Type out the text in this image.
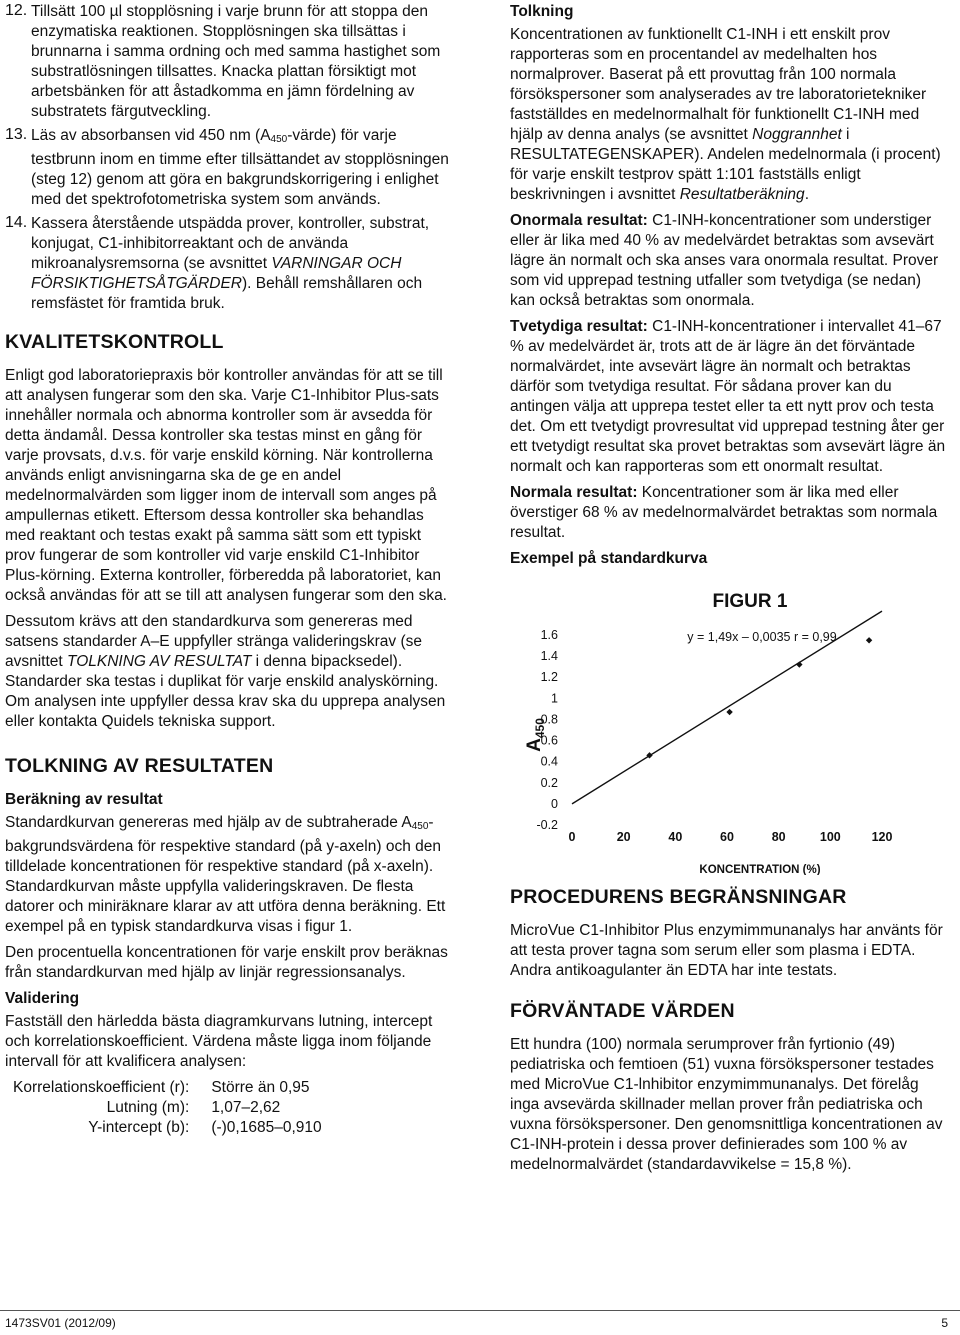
12. Tillsätt 100 µl stopplösning i varje brunn för att stoppa den enzymatiska reaktionen. Stopplösningen ska tillsättas i brunnarna i samma ordning och med samma hastighet som substratlösningen tillsattes. Knacka plattan försiktigt mot arbetsbänken för att åstadkomma en jämn fördelning av substratets färgutveckling.

13. Läs av absorbansen vid 450 nm $(A_{450}-värde)$ för varje testbrunn inom en timme efter tillsättandet av stopplösningen (steg 12) genom att göra en bakgrundskorrigering i enlighet med det spektrofotometriska system som används.

14. Kassera återstående utspädda prover, kontroller, substrat, konjugat, C1-inhibitorreaktant och de använda mikroanalysremsorna (se avsnittet VARNINGAR OCH FÖRSIKTIGHETSÅTGÄRDER). Behåll remshållaren och remsfästet för framtida bruk.

KVALITETSKONTROLL

Enligt god laboratoriepraxis bör kontroller användas för att se till att analysen fungerar som den ska. Varje C1-Inhibitor Plus-sats innehåller normala och abnorma kontroller som är avsedda för detta ändamål. Dessa kontroller ska testas minst en gång för varje provsats, d.v.s. för varje enskild körning. När kontrollerna används enligt anvisningarna ska de ge en andel medelnormalvärden som ligger inom de intervall som anges på ampullernas etikett. Eftersom dessa kontroller ska behandlas med reaktant och testas exakt på samma sätt som ett typiskt prov fungerar de som kontroller vid varje enskild C1-Inhibitor Plus-körning. Externa kontroller, förberedda på laboratoriet, kan också användas för att se till att analysen fungerar som den ska.

Dessutom krävs att den standardkurva som genereras med satsens standarder A–E uppfyller stränga valideringskrav (se avsnittet TOLKNING AV RESULTAT i denna bipacksedel). Standarder ska testas i duplikat för varje enskild analyskörning. Om analysen inte uppfyller dessa krav ska du upprepa analysen eller kontakta Quidels tekniska support.

TOLKNING AV RESULTATEN
Beräkning av resultat

Standardkurvan genereras med hjälp av de subtraherade $A_{450}$-bakgrundsvärdena för respektive standard (på y-axeln) och den tilldelade koncentrationen för respektive standard (på x-axeln). Standardkurvan måste uppfylla valideringskraven. De flesta datorer och miniräknare klarar av att utföra denna beräkning. Ett exempel på en typisk standardkurva visas i figur 1.

Den procentuella koncentrationen för varje enskilt prov beräknas från standardkurvan med hjälp av linjär regressionsanalys.

Validering

Fastställ den härledda bästa diagramkurvans lutning, intercept och korrelationskoefficient. Värdena måste ligga inom följande intervall för att kvalificera analysen:

Korrelationskoefficient (r):	Större än 0,95
Lutning (m):	1,07–2,62
Y-intercept (b):	(-)0,1685–0,910
Tolkning

Koncentrationen av funktionellt C1-INH i ett enskilt prov rapporteras som en procentandel av medelhalten hos normalprover. Baserat på ett provuttag från 100 normala försökspersoner som analyserades av tre laboratorietekniker fastställdes en medelnormalhalt för funktionellt C1-INH med hjälp av denna analys (se avsnittet Noggrannhet i RESULTATEGENSKAPER). Andelen medelnormala (i procent) för varje enskilt testprov spätt 1:101 fastställs enligt beskrivningen i avsnittet Resultatberäkning.

Onormala resultat: C1-INH-koncentrationer som understiger eller är lika med 40 % av medelvärdet betraktas som avsevärt lägre än normalt och ska anses vara onormala resultat. Prover som vid upprepad testning utfaller som tvetydiga (se nedan) kan också betraktas som onormala.

Tvetydiga resultat: C1-INH-koncentrationer i intervallet 41–67 % av medelvärdet är, trots att de är lägre än det förväntade normalvärdet, inte avsevärt lägre än normalt och betraktas därför som tvetydiga resultat. För sådana prover kan du antingen välja att upprepa testet eller ta ett nytt prov och testa det. Om ett tvetydigt provresultat vid upprepad testning åter ger ett tvetydigt resultat ska provet betraktas som avsevärt lägre än normalt och kan rapporteras som ett onormalt resultat.

Normala resultat: Koncentrationer som är lika med eller överstiger 68 % av medelnormalvärdet betraktas som normala resultat.

Exempel på standardkurva
FIGUR 1
y = 1,49x – 0,0035 r = 0,99
$A_{450}$
KONCENTRATION (%)
1.6
1.4
1.2
1
0.8
0.6
0.4
0.2
0
-0.2
0	20	40	60	80	100 120
PROCEDURENS BEGRÄNSNINGAR

MicroVue C1-Inhibitor Plus enzymimmunanalys har använts för att testa prover tagna som serum eller som plasma i EDTA. Andra antikoagulanter än EDTA har inte testats.

FÖRVÄNTADE VÄRDEN

Ett hundra (100) normala serumprover från fyrtionio (49) pediatriska och femtioen (51) vuxna försökspersoner testades med MicroVue C1-lnhibitor enzymimmunanalys. Det förelåg inga avsevärda skillnader mellan prover från pediatriska och vuxna försökspersoner. Den genomsnittliga koncentrationen av C1-INH-protein i dessa prover definierades som 100 % av medelnormalvärdet (standardavvikelse = 15,8 %).

1473SV01 (2012/09)	5
